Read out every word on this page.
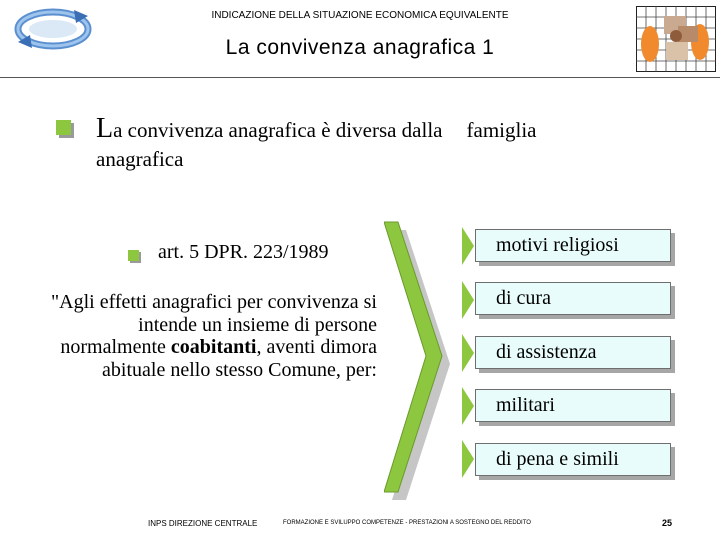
INDICAZIONE DELLA SITUAZIONE ECONOMICA EQUIVALENTE
La convivenza anagrafica 1
La convivenza anagrafica è diversa dalla famiglia
anagrafica
art. 5 DPR. 223/1989
"Agli effetti anagrafici per convivenza si intende un insieme di persone normalmente coabitanti, aventi dimora abituale nello stesso Comune, per:
motivi religiosi
di cura
di assistenza
militari
di pena e simili
INPS DIREZIONE CENTRALE	FORMAZIONE E SVILUPPO COMPETENZE - PRESTAZIONI A SOSTEGNO DEL REDDITO	25
